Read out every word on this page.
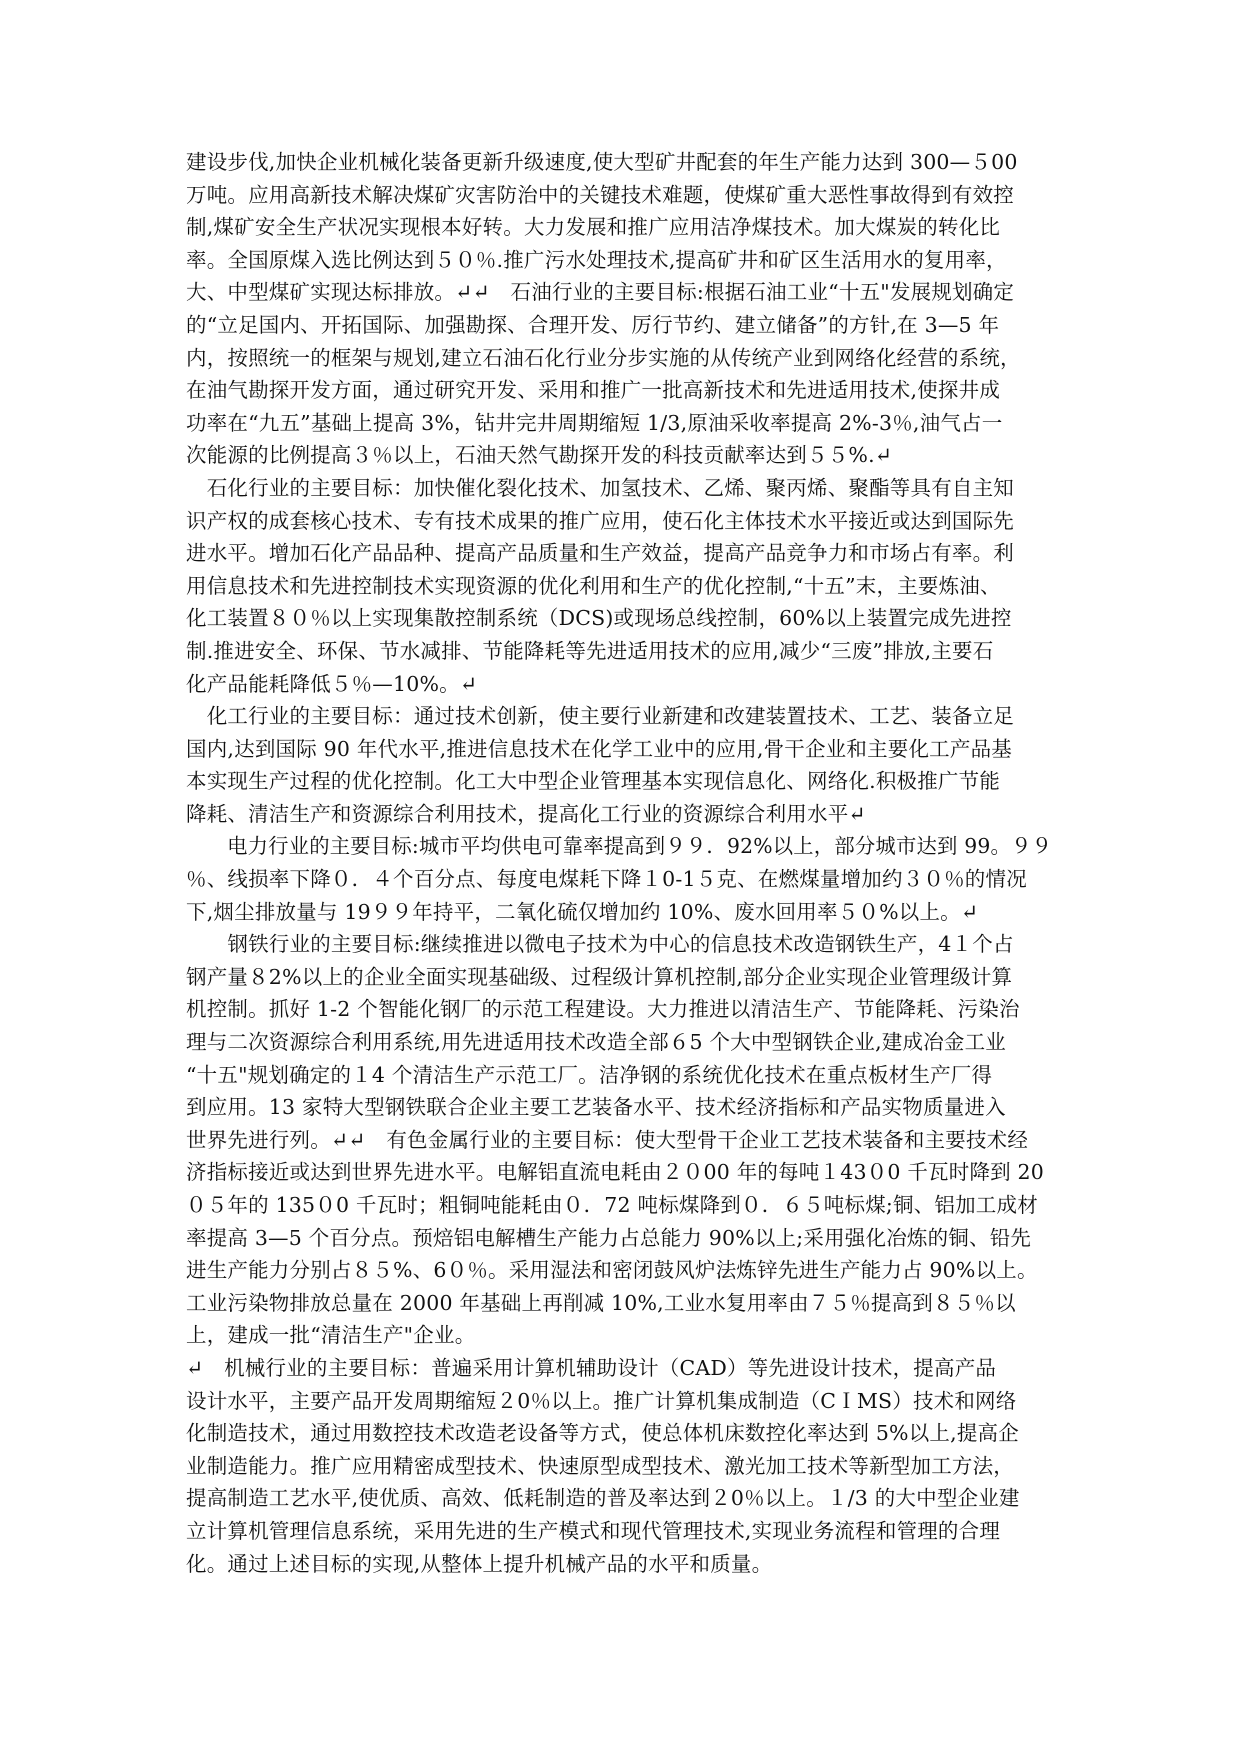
建设步伐,加快企业机械化装备更新升级速度,使大型矿井配套的年生产能力达到 300—５00
万吨。应用高新技术解决煤矿灾害防治中的关键技术难题，使煤矿重大恶性事故得到有效控
制,煤矿安全生产状况实现根本好转。大力发展和推广应用洁净煤技术。加大煤炭的转化比
率。全国原煤入选比例达到５０％.推广污水处理技术,提高矿井和矿区生活用水的复用率，
大、中型煤矿实现达标排放。↵↵　石油行业的主要目标:根据石油工业“十五"发展规划确定
的“立足国内、开拓国际、加强勘探、合理开发、厉行节约、建立储备”的方针,在 3—5 年
内，按照统一的框架与规划,建立石油石化行业分步实施的从传统产业到网络化经营的系统，
在油气勘探开发方面，通过研究开发、采用和推广一批高新技术和先进适用技术,使探井成
功率在“九五”基础上提高 3%，钻井完井周期缩短 1/3,原油采收率提高 2%-3％,油气占一
次能源的比例提高３％以上，石油天然气勘探开发的科技贡献率达到５５%.↵
　石化行业的主要目标：加快催化裂化技术、加氢技术、乙烯、聚丙烯、聚酯等具有自主知
识产权的成套核心技术、专有技术成果的推广应用，使石化主体技术水平接近或达到国际先
进水平。增加石化产品品种、提高产品质量和生产效益，提高产品竞争力和市场占有率。利
用信息技术和先进控制技术实现资源的优化利用和生产的优化控制,“十五”末，主要炼油、
化工装置８０％以上实现集散控制系统（DCS)或现场总线控制，60%以上装置完成先进控
制.推进安全、环保、节水减排、节能降耗等先进适用技术的应用,减少“三废”排放,主要石
化产品能耗降低５％—10%。↵
　化工行业的主要目标：通过技术创新，使主要行业新建和改建装置技术、工艺、装备立足
国内,达到国际 90 年代水平,推进信息技术在化学工业中的应用,骨干企业和主要化工产品基
本实现生产过程的优化控制。化工大中型企业管理基本实现信息化、网络化.积极推广节能
降耗、清洁生产和资源综合利用技术，提高化工行业的资源综合利用水平↵
　　电力行业的主要目标:城市平均供电可靠率提高到９９．92%以上，部分城市达到 99。９９
％、线损率下降０．４个百分点、每度电煤耗下降１0-1５克、在燃煤量增加约３０％的情况
下,烟尘排放量与 19９９年持平，二氧化硫仅增加约 10%、废水回用率５０%以上。↵
　　钢铁行业的主要目标:继续推进以微电子技术为中心的信息技术改造钢铁生产，4１个占
钢产量８2%以上的企业全面实现基础级、过程级计算机控制,部分企业实现企业管理级计算
机控制。抓好 1-2 个智能化钢厂的示范工程建设。大力推进以清洁生产、节能降耗、污染治
理与二次资源综合利用系统,用先进适用技术改造全部６5 个大中型钢铁企业,建成冶金工业
“十五"规划确定的１4 个清洁生产示范工厂。洁净钢的系统优化技术在重点板材生产厂得
到应用。13 家特大型钢铁联合企业主要工艺装备水平、技术经济指标和产品实物质量进入
世界先进行列。↵↵　有色金属行业的主要目标：使大型骨干企业工艺技术装备和主要技术经
济指标接近或达到世界先进水平。电解铝直流电耗由２０00 年的每吨１43０0 千瓦时降到 20
０５年的 135０0 千瓦时；粗铜吨能耗由０．72 吨标煤降到０．６５吨标煤;铜、铝加工成材
率提高 3—5 个百分点。预焙铝电解槽生产能力占总能力 90%以上;采用强化冶炼的铜、铅先
进生产能力分别占８５%、6０％。采用湿法和密闭鼓风炉法炼锌先进生产能力占 90%以上。
工业污染物排放总量在 2000 年基础上再削减 10%,工业水复用率由７５％提高到８５％以
上，建成一批“清洁生产"企业。
↵　机械行业的主要目标：普遍采用计算机辅助设计（CAD）等先进设计技术，提高产品
设计水平，主要产品开发周期缩短２0％以上。推广计算机集成制造（CＩMS）技术和网络
化制造技术，通过用数控技术改造老设备等方式，使总体机床数控化率达到 5%以上,提高企
业制造能力。推广应用精密成型技术、快速原型成型技术、激光加工技术等新型加工方法，
提高制造工艺水平,使优质、高效、低耗制造的普及率达到２0％以上。１/3 的大中型企业建
立计算机管理信息系统，采用先进的生产模式和现代管理技术,实现业务流程和管理的合理
化。通过上述目标的实现,从整体上提升机械产品的水平和质量。
